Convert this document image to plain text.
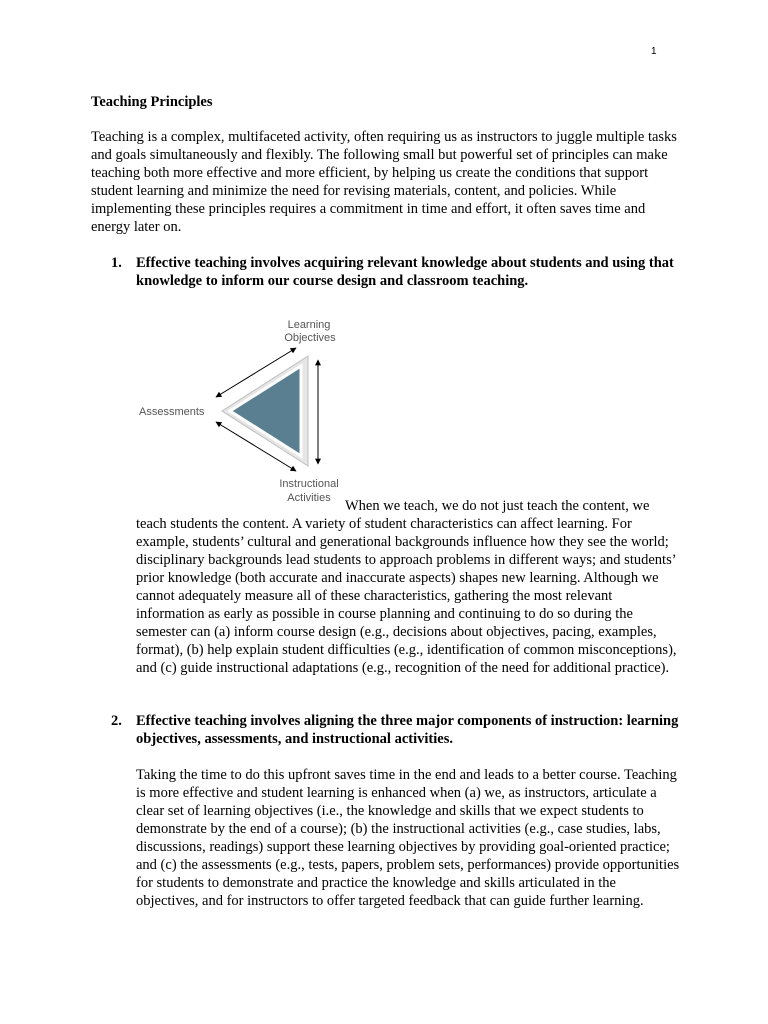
1
Teaching Principles

Teaching is a complex, multifaceted activity, often requiring us as instructors to juggle multiple tasks and goals simultaneously and flexibly. The following small but powerful set of principles can make teaching both more effective and more efficient, by helping us create the conditions that support student learning and minimize the need for revising materials, content, and policies. While implementing these principles requires a commitment in time and effort, it often saves time and energy later on.

1. Effective teaching involves acquiring relevant knowledge about students and using that knowledge to inform our course design and classroom teaching.
Learning
Objectives
Assessments
Instructional
Activities When we teach, we do not just teach the content, we teach students the content. A variety of student characteristics can affect learning. For example, students’ cultural and generational backgrounds influence how they see the world; disciplinary backgrounds lead students to approach problems in different ways; and students’ prior knowledge (both accurate and inaccurate aspects) shapes new learning. Although we cannot adequately measure all of these characteristics, gathering the most relevant information as early as possible in course planning and continuing to do so during the semester can (a) inform course design (e.g., decisions about objectives, pacing, examples, format), (b) help explain student difficulties (e.g., identification of common misconceptions), and (c) guide instructional adaptations (e.g., recognition of the need for additional practice).

2. Effective teaching involves aligning the three major components of instruction: learning objectives, assessments, and instructional activities.

Taking the time to do this upfront saves time in the end and leads to a better course. Teaching is more effective and student learning is enhanced when (a) we, as instructors, articulate a clear set of learning objectives (i.e., the knowledge and skills that we expect students to demonstrate by the end of a course); (b) the instructional activities (e.g., case studies, labs, discussions, readings) support these learning objectives by providing goal-oriented practice; and (c) the assessments (e.g., tests, papers, problem sets, performances) provide opportunities for students to demonstrate and practice the knowledge and skills articulated in the objectives, and for instructors to offer targeted feedback that can guide further learning.
